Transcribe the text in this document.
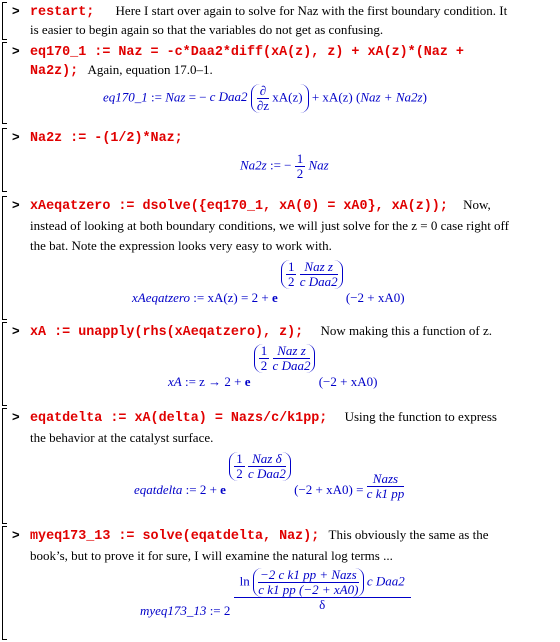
> restart; Here I start over again to solve for Naz with the first boundary condition. It
is easier to begin again so that the variables do not get as confusing.
> eq170_1 := Naz = -c*Daa2*diff(xA(z), z) + xA(z)*(Naz +
Na2z); Again, equation 17.0–1.
eq170_1 := Naz = − c $Daa2 \frac{\partial}{\partial z} xA(z) + xA(z) (Naz + Na2z)$
> Na2z := -(1/2)*Naz;
Na2z := − $\frac{1}{2}$ Naz
> xAeqatzero := dsolve({eq170_1, xA(0) = xA0}, xA(z)); Now,
instead of looking at both boundary conditions, we will just solve for the z = 0 case right off
the bat. Note the expression looks very easy to work with.
xAeqatzero := xA(z) = 2 + e
$\frac{1}{2}$
$\frac{\text{Naz z}}{\text{c Daa2}}$
(−2 + xA0)
> xA := unapply(rhs(xAeqatzero), z); Now making this a function of z.
xA := z → 2 + e
$\frac{1}{2}$
$\frac{\text{Naz z}}{\text{c Daa2}}$
(−2 + xA0)
> eqatdelta := xA(delta) = Nazs/c/k1pp; Using the function to express
the behavior at the catalyst surface.
eqatdelta := 2 + e
$\frac{1}{2}$
$\frac{\text{Naz δ}}{\text{c Daa2}}$
$(-2 + xA0) = \frac{\text{Nazs}}{\text{c k1 pp}}$
> myeq173_13 := solve(eqatdelta, Naz); This obviously the same as the
book’s, but to prove it for sure, I will examine the natural log terms ...
myeq173_13 := 2
$\ln \frac{\text{−2 c k1 pp + Nazs}}{\text{c k1 pp (−2 + xA0)}}$ c Daa2
δ
